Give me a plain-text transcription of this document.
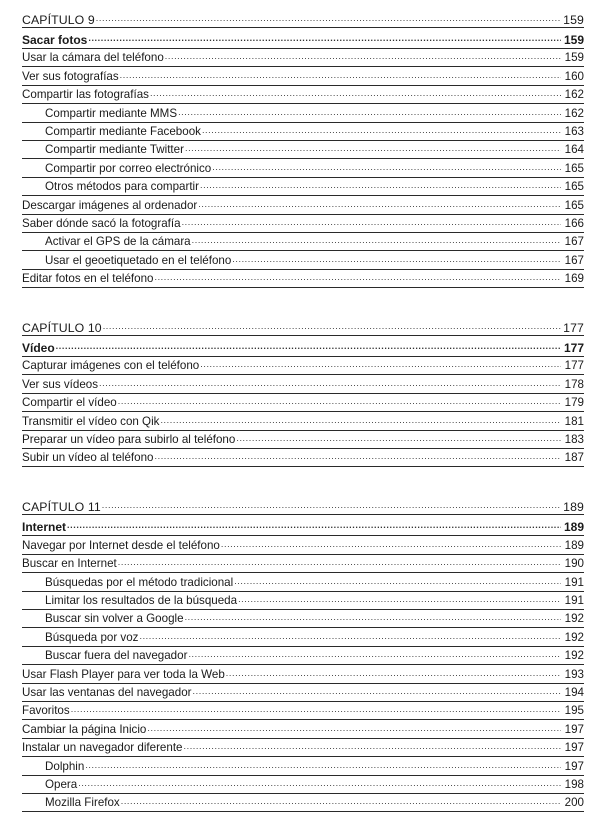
CAPÍTULO 9 .....	159
Sacar fotos .....	159
Usar la cámara del teléfono .....	159
Ver sus fotografías .....	160
Compartir las fotografías .....	162
Compartir mediante MMS .....	162
Compartir mediante Facebook .....	163
Compartir mediante Twitter .....	164
Compartir por correo electrónico .....	165
Otros métodos para compartir .....	165
Descargar imágenes al ordenador .....	165
Saber dónde sacó la fotografía .....	166
Activar el GPS de la cámara .....	167
Usar el geoetiquetado en el teléfono .....	167
Editar fotos en el teléfono .....	169
CAPÍTULO 10 .....	177
Vídeo .....	177
Capturar imágenes con el teléfono .....	177
Ver sus vídeos .....	178
Compartir el vídeo .....	179
Transmitir el vídeo con Qik .....	181
Preparar un vídeo para subirlo al teléfono .....	183
Subir un vídeo al teléfono .....	187
CAPÍTULO 11 .....	189
Internet .....	189
Navegar por Internet desde el teléfono .....	189
Buscar en Internet .....	190
Búsquedas por el método tradicional .....	191
Limitar los resultados de la búsqueda .....	191
Buscar sin volver a Google .....	192
Búsqueda por voz .....	192
Buscar fuera del navegador .....	192
Usar Flash Player para ver toda la Web .....	193
Usar las ventanas del navegador .....	194
Favoritos .....	195
Cambiar la página Inicio .....	197
Instalar un navegador diferente .....	197
Dolphin .....	197
Opera .....	198
Mozilla Firefox .....	200
